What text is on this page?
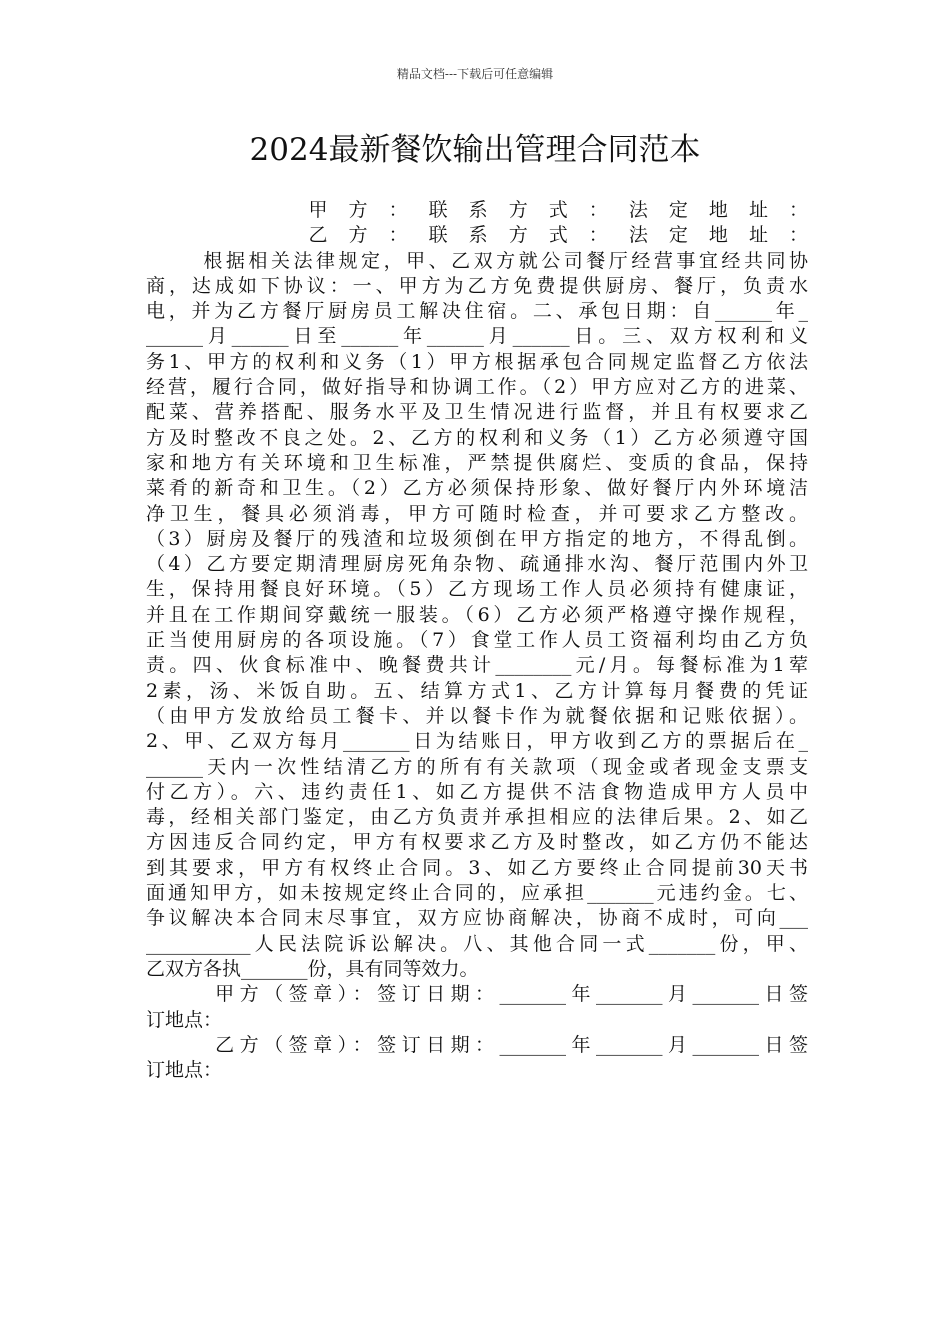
精品文档---下载后可任意编辑
2024最新餐饮输出管理合同范本
甲方：联系方式：法定地址：
乙方：联系方式：法定地址：
根据相关法律规定，甲、乙双方就公司餐厅经营事宜经共同协
商，达成如下协议：一、甲方为乙方免费提供厨房、餐厅，负责水
电，并为乙方餐厅厨房员工解决住宿。二、承包日期：自______年_
______月______日至______年______月______日。三、双方权利和义
务1、甲方的权利和义务（1）甲方根据承包合同规定监督乙方依法
经营，履行合同，做好指导和协调工作。（2）甲方应对乙方的进菜、
配菜、营养搭配、服务水平及卫生情况进行监督，并且有权要求乙
方及时整改不良之处。2、乙方的权利和义务（1）乙方必须遵守国
家和地方有关环境和卫生标准，严禁提供腐烂、变质的食品，保持
菜肴的新奇和卫生。（2）乙方必须保持形象、做好餐厅内外环境洁
净卫生，餐具必须消毒，甲方可随时检查，并可要求乙方整改。
（3）厨房及餐厅的残渣和垃圾须倒在甲方指定的地方，不得乱倒。
（4）乙方要定期清理厨房死角杂物、疏通排水沟、餐厅范围内外卫
生，保持用餐良好环境。（5）乙方现场工作人员必须持有健康证，
并且在工作期间穿戴统一服装。（6）乙方必须严格遵守操作规程，
正当使用厨房的各项设施。（7）食堂工作人员工资福利均由乙方负
责。四、伙食标准中、晚餐费共计________元/月。每餐标准为1荤
2素，汤、米饭自助。五、结算方式1、乙方计算每月餐费的凭证
（由甲方发放给员工餐卡、并以餐卡作为就餐依据和记账依据）。
2、甲、乙双方每月_______日为结账日，甲方收到乙方的票据后在_
______天内一次性结清乙方的所有有关款项（现金或者现金支票支
付乙方）。六、违约责任1、如乙方提供不洁食物造成甲方人员中
毒，经相关部门鉴定，由乙方负责并承担相应的法律后果。2、如乙
方因违反合同约定，甲方有权要求乙方及时整改，如乙方仍不能达
到其要求，甲方有权终止合同。3、如乙方要终止合同提前30天书
面通知甲方，如未按规定终止合同的，应承担_______元违约金。七、
争议解决本合同末尽事宜，双方应协商解决，协商不成时，可向___
___________人民法院诉讼解决。八、其他合同一式_______份，甲、
乙双方各执_______份，具有同等效力。
甲方（签章）：签订日期：_______年_______月_______日签
订地点：
乙方（签章）：签订日期：_______年_______月_______日签
订地点：
